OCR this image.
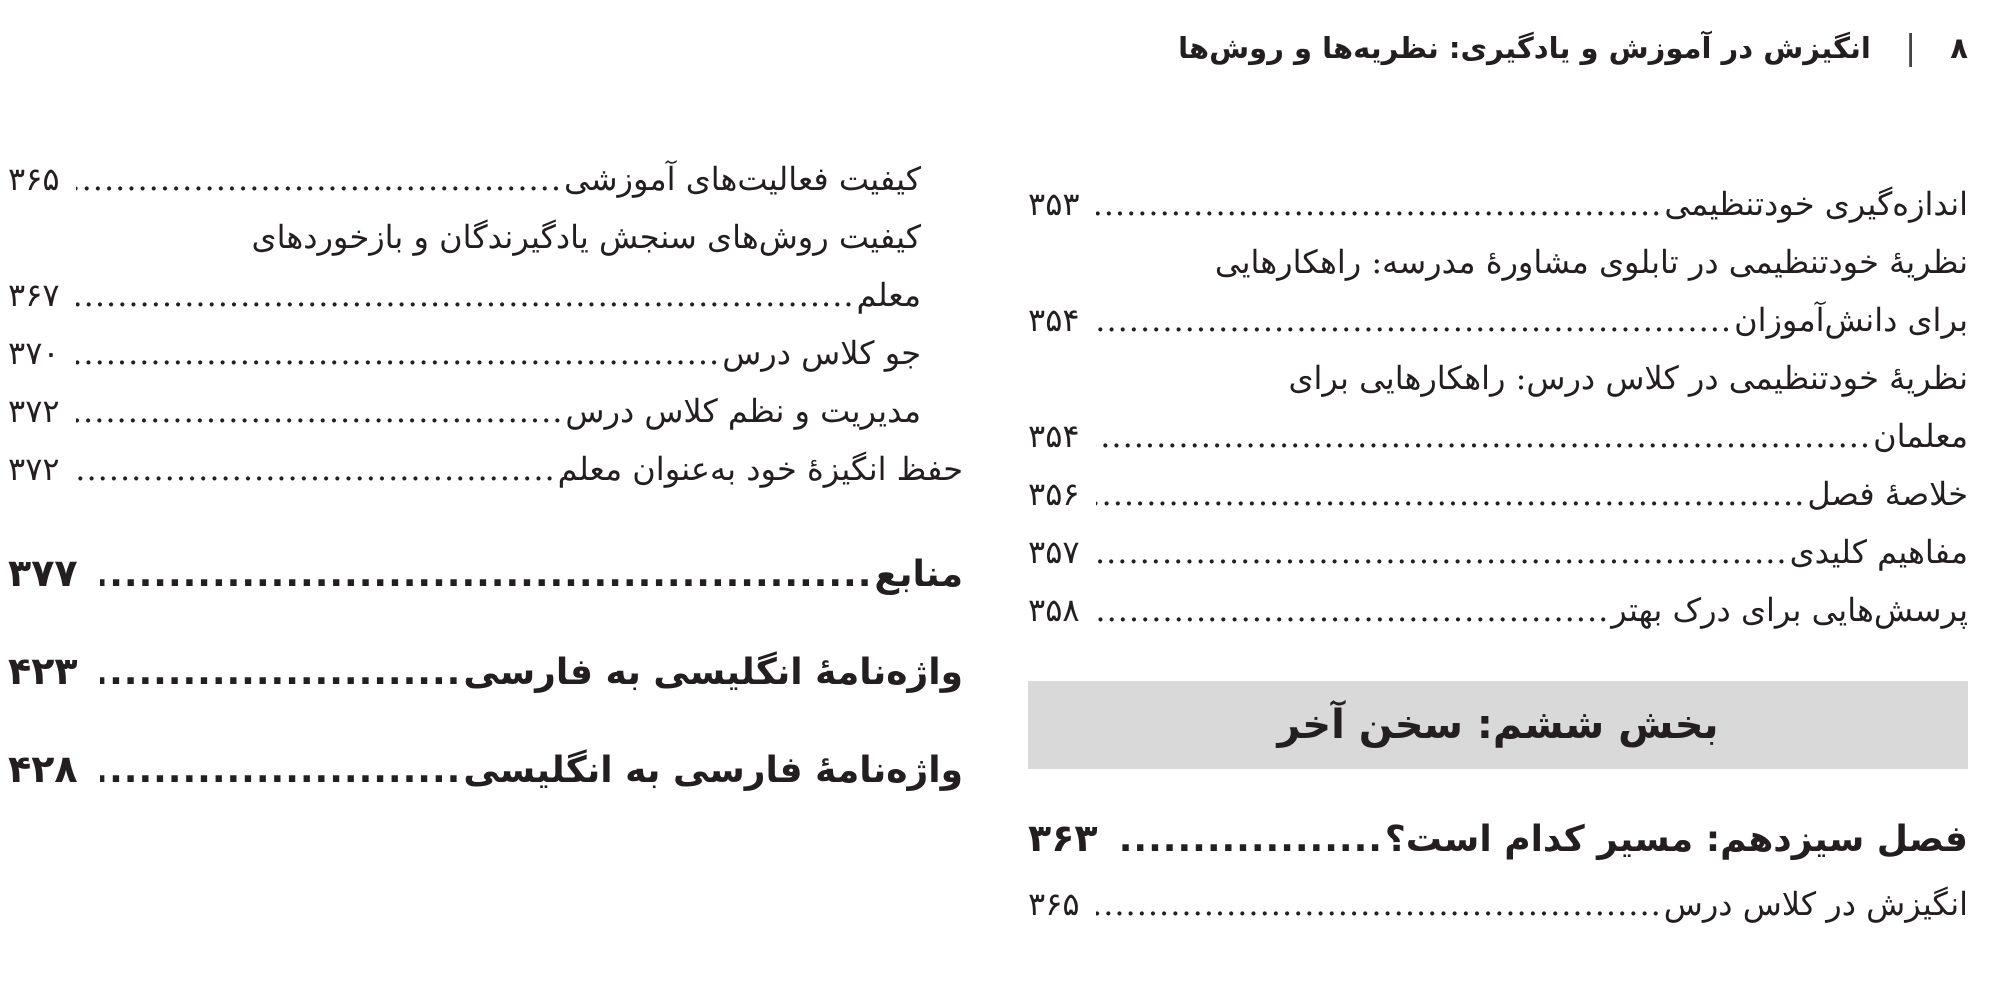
۸
|
انگیزش در آموزش و یادگیری: نظریه‌ها و روش‌ها
اندازه‌گیری خودتنظیمی
.....
۳۵۳
نظریهٔ خودتنظیمی در تابلوی مشاورهٔ مدرسه: راهکارهایی
برای دانش‌آموزان
.....
۳۵۴
نظریهٔ خودتنظیمی در کلاس درس: راهکارهایی برای
معلمان
.....
۳۵۴
خلاصهٔ فصل
.....
۳۵۶
مفاهیم کلیدی
.....
۳۵۷
پرسش‌هایی برای درک بهتر
.....
۳۵۸
بخش ششم: سخن آخر
فصل سیزدهم: مسیر کدام است؟
.....
۳۶۳
انگیزش در کلاس درس
.....
۳۶۵
کیفیت فعالیت‌های آموزشی
.....
۳۶۵
کیفیت روش‌های سنجش یادگیرندگان و بازخوردهای
معلم
.....
۳۶۷
جو کلاس درس
.....
۳۷۰
مدیریت و نظم کلاس درس
.....
۳۷۲
حفظ انگیزهٔ خود به‌عنوان معلم
.....
۳۷۲
منابع
.....
۳۷۷
واژه‌نامهٔ انگلیسی به فارسی
.....
۴۲۳
واژه‌نامهٔ فارسی به انگلیسی
.....
۴۲۸
